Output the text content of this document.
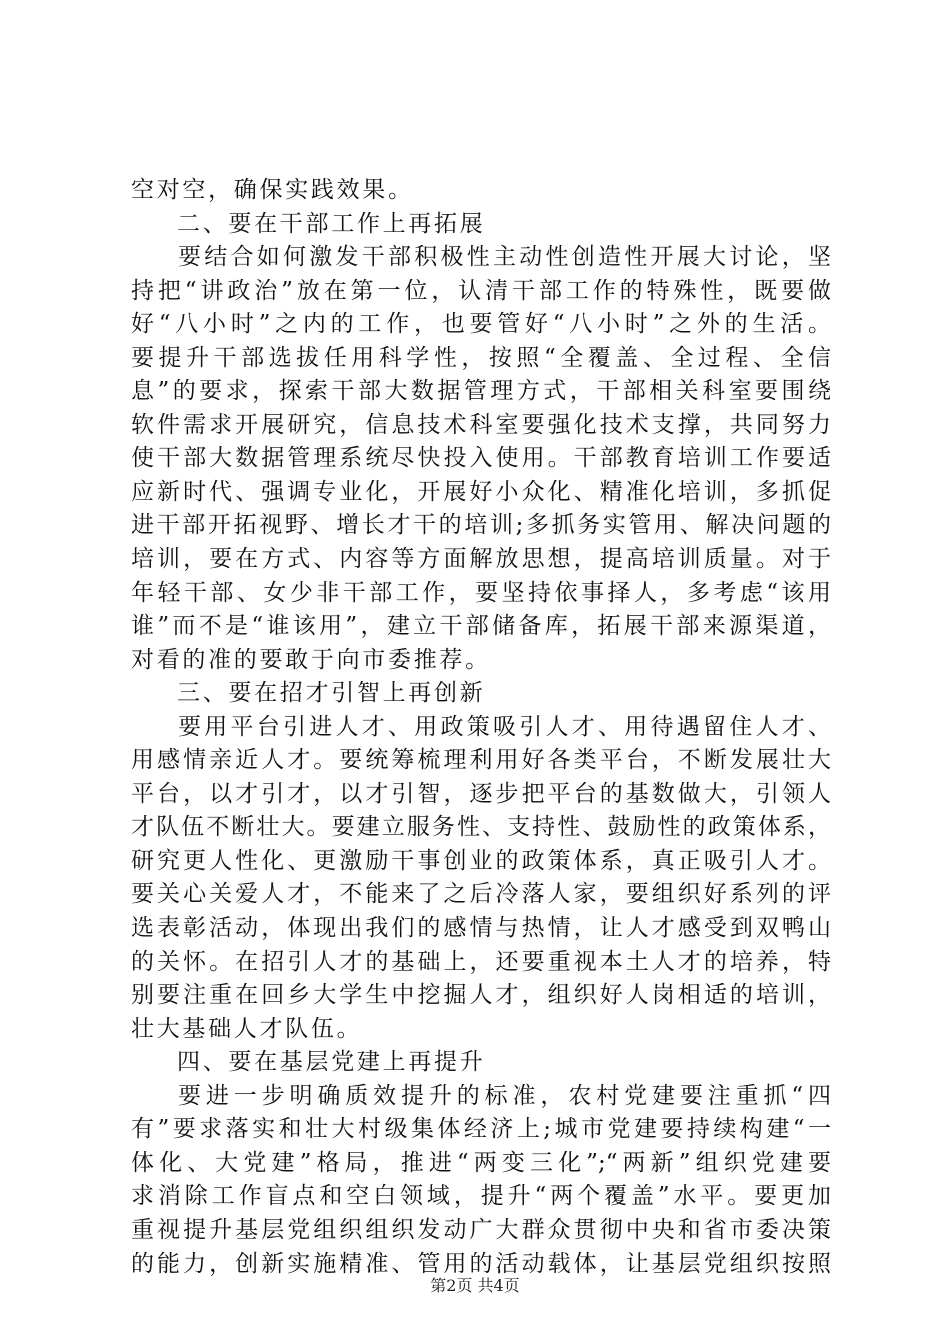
空对空，确保实践效果。
二、要在干部工作上再拓展
要结合如何激发干部积极性主动性创造性开展大讨论，坚
持把“讲政治”放在第一位，认清干部工作的特殊性，既要做
好“八小时”之内的工作，也要管好“八小时”之外的生活。
要提升干部选拔任用科学性，按照“全覆盖、全过程、全信
息”的要求，探索干部大数据管理方式，干部相关科室要围绕
软件需求开展研究，信息技术科室要强化技术支撑，共同努力
使干部大数据管理系统尽快投入使用。干部教育培训工作要适
应新时代、强调专业化，开展好小众化、精准化培训，多抓促
进干部开拓视野、增长才干的培训;多抓务实管用、解决问题的
培训，要在方式、内容等方面解放思想，提高培训质量。对于
年轻干部、女少非干部工作，要坚持依事择人，多考虑“该用
谁”而不是“谁该用”，建立干部储备库，拓展干部来源渠道，
对看的准的要敢于向市委推荐。
三、要在招才引智上再创新
要用平台引进人才、用政策吸引人才、用待遇留住人才、
用感情亲近人才。要统筹梳理利用好各类平台，不断发展壮大
平台，以才引才，以才引智，逐步把平台的基数做大，引领人
才队伍不断壮大。要建立服务性、支持性、鼓励性的政策体系，
研究更人性化、更激励干事创业的政策体系，真正吸引人才。
要关心关爱人才，不能来了之后冷落人家，要组织好系列的评
选表彰活动，体现出我们的感情与热情，让人才感受到双鸭山
的关怀。在招引人才的基础上，还要重视本土人才的培养，特
别要注重在回乡大学生中挖掘人才，组织好人岗相适的培训，
壮大基础人才队伍。
四、要在基层党建上再提升
要进一步明确质效提升的标准，农村党建要注重抓“四
有”要求落实和壮大村级集体经济上;城市党建要持续构建“一
体化、大党建”格局，推进“两变三化”;“两新”组织党建要
求消除工作盲点和空白领域，提升“两个覆盖”水平。要更加
重视提升基层党组织组织发动广大群众贯彻中央和省市委决策
的能力，创新实施精准、管用的活动载体，让基层党组织按照
第2页 共4页
